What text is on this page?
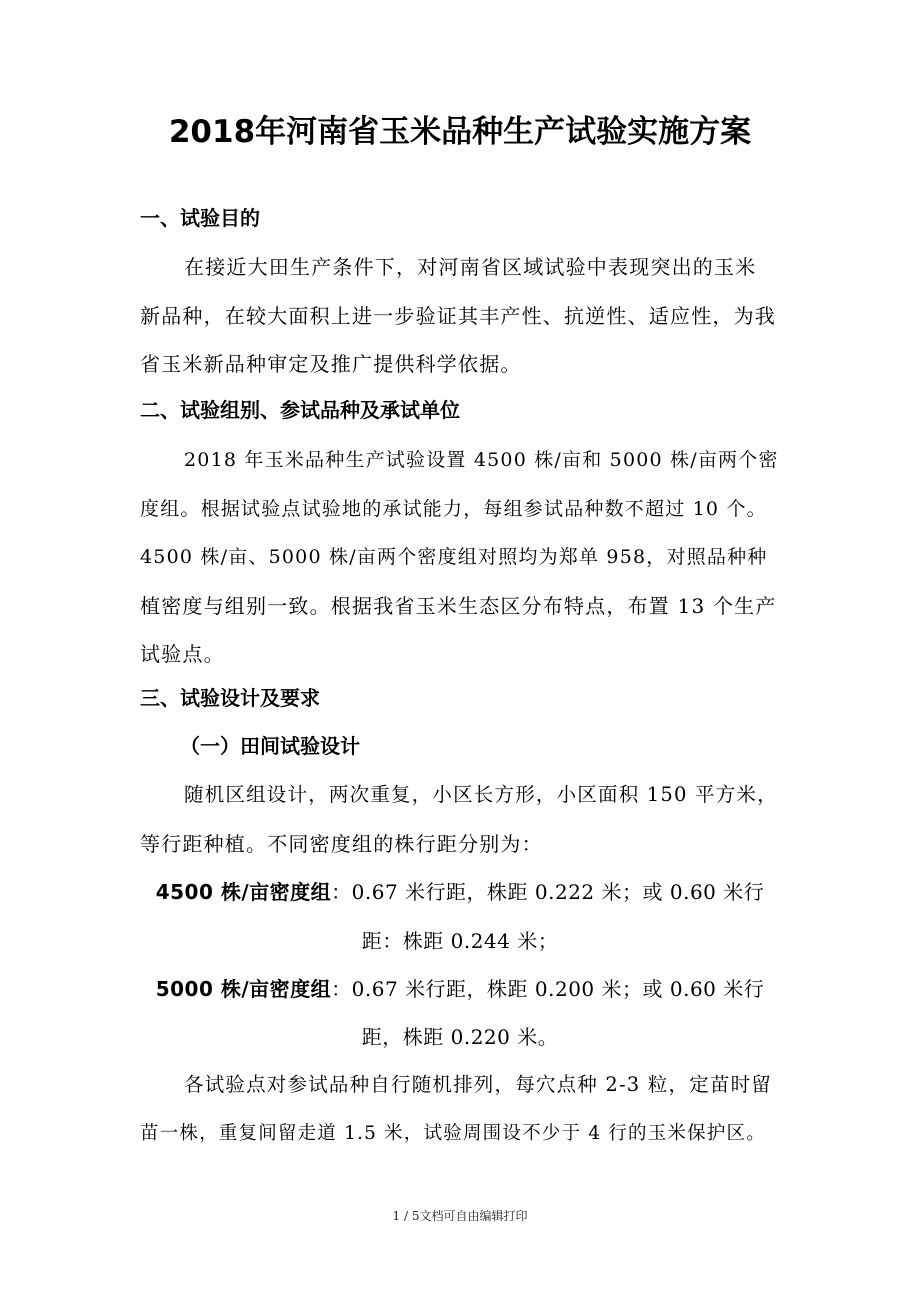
2018年河南省玉米品种生产试验实施方案
一、试验目的
在接近大田生产条件下，对河南省区域试验中表现突出的玉米
新品种，在较大面积上进一步验证其丰产性、抗逆性、适应性，为我
省玉米新品种审定及推广提供科学依据。
二、试验组别、参试品种及承试单位
2018 年玉米品种生产试验设置 4500 株/亩和 5000 株/亩两个密
度组。根据试验点试验地的承试能力，每组参试品种数不超过 10 个。
4500 株/亩、5000 株/亩两个密度组对照均为郑单 958，对照品种种
植密度与组别一致。根据我省玉米生态区分布特点，布置 13 个生产
试验点。
三、试验设计及要求
（一）田间试验设计
随机区组设计，两次重复，小区长方形，小区面积 150 平方米，
等行距种植。不同密度组的株行距分别为：
4500 株/亩密度组：0.67 米行距，株距 0.222 米；或 0.60 米行
距：株距 0.244 米；
5000 株/亩密度组：0.67 米行距，株距 0.200 米；或 0.60 米行
距，株距 0.220 米。
各试验点对参试品种自行随机排列，每穴点种 2-3 粒，定苗时留
苗一株，重复间留走道 1.5 米，试验周围设不少于 4 行的玉米保护区。
1 / 5文档可自由编辑打印
